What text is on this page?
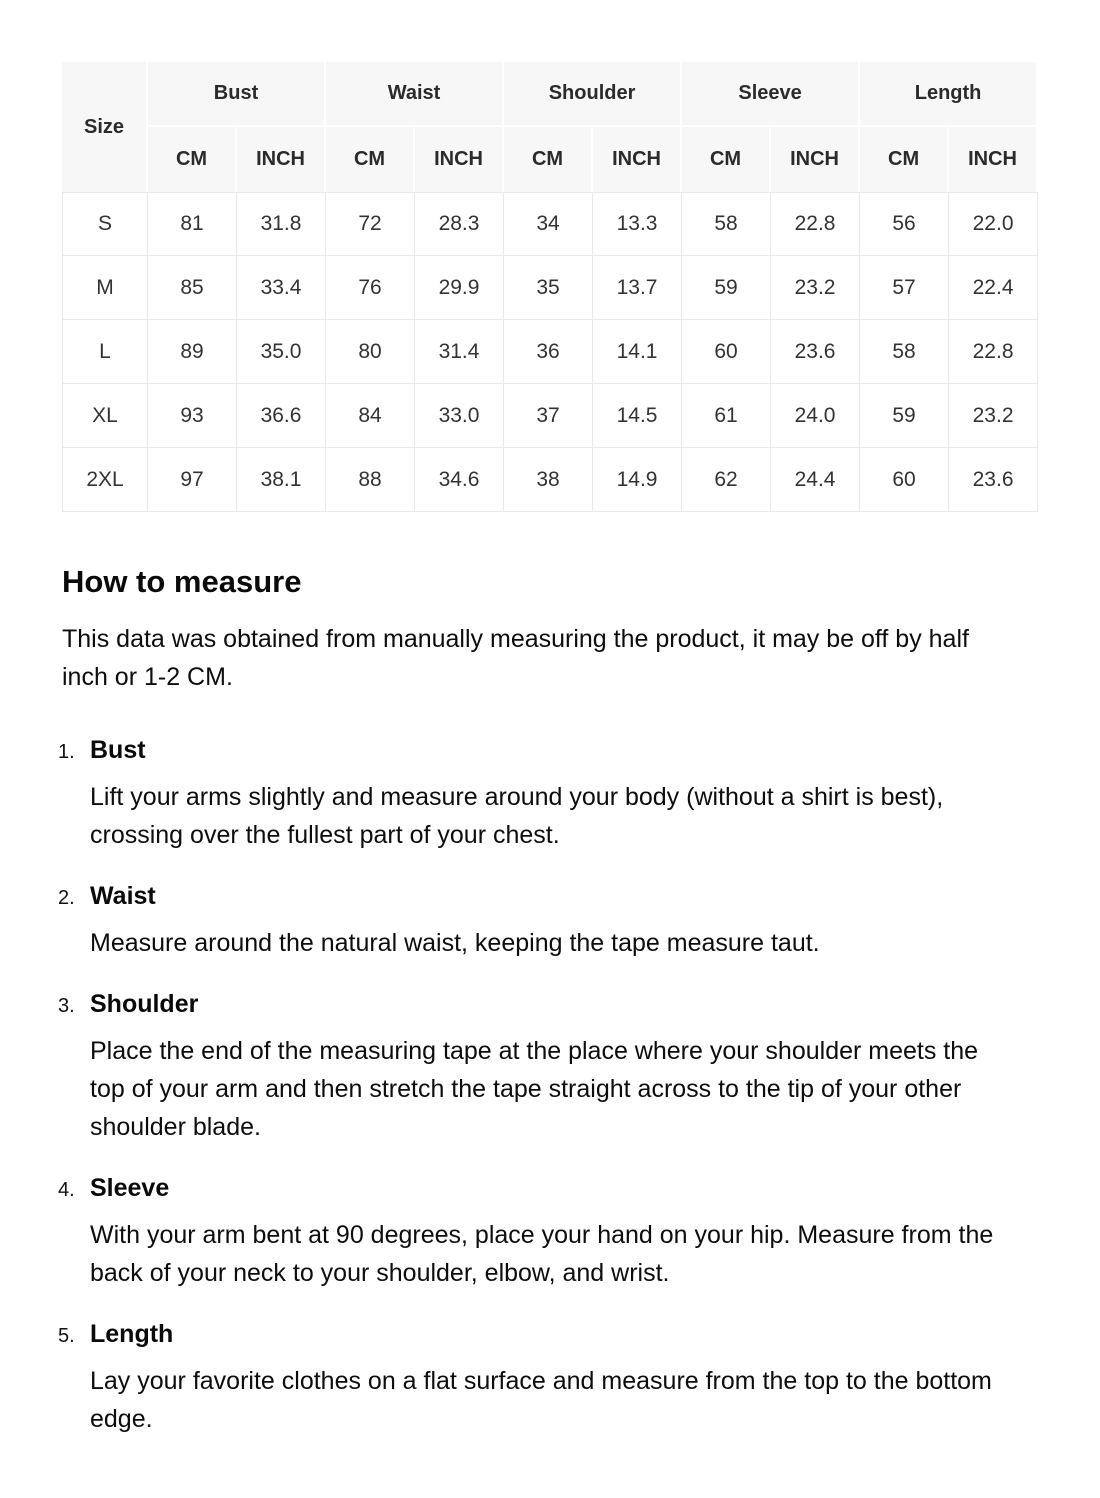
Size	Bust		Waist		Shoulder		Sleeve		Length	
	CM	INCH	CM	INCH	CM	INCH	CM	INCH	CM	INCH
S	81	31.8	72	28.3	34	13.3	58	22.8	56	22.0
M	85	33.4	76	29.9	35	13.7	59	23.2	57	22.4
L	89	35.0	80	31.4	36	14.1	60	23.6	58	22.8
XL	93	36.6	84	33.0	37	14.5	61	24.0	59	23.2
2XL	97	38.1	88	34.6	38	14.9	62	24.4	60	23.6
How to measure

This data was obtained from manually measuring the product, it may be off by half inch or 1-2 CM.

1. Bust

Lift your arms slightly and measure around your body (without a shirt is best), crossing over the fullest part of your chest.

2. Waist

Measure around the natural waist, keeping the tape measure taut.

3. Shoulder

Place the end of the measuring tape at the place where your shoulder meets the top of your arm and then stretch the tape straight across to the tip of your other shoulder blade.

4. Sleeve

With your arm bent at 90 degrees, place your hand on your hip. Measure from the back of your neck to your shoulder, elbow, and wrist.

5. Length

Lay your favorite clothes on a flat surface and measure from the top to the bottom edge.
